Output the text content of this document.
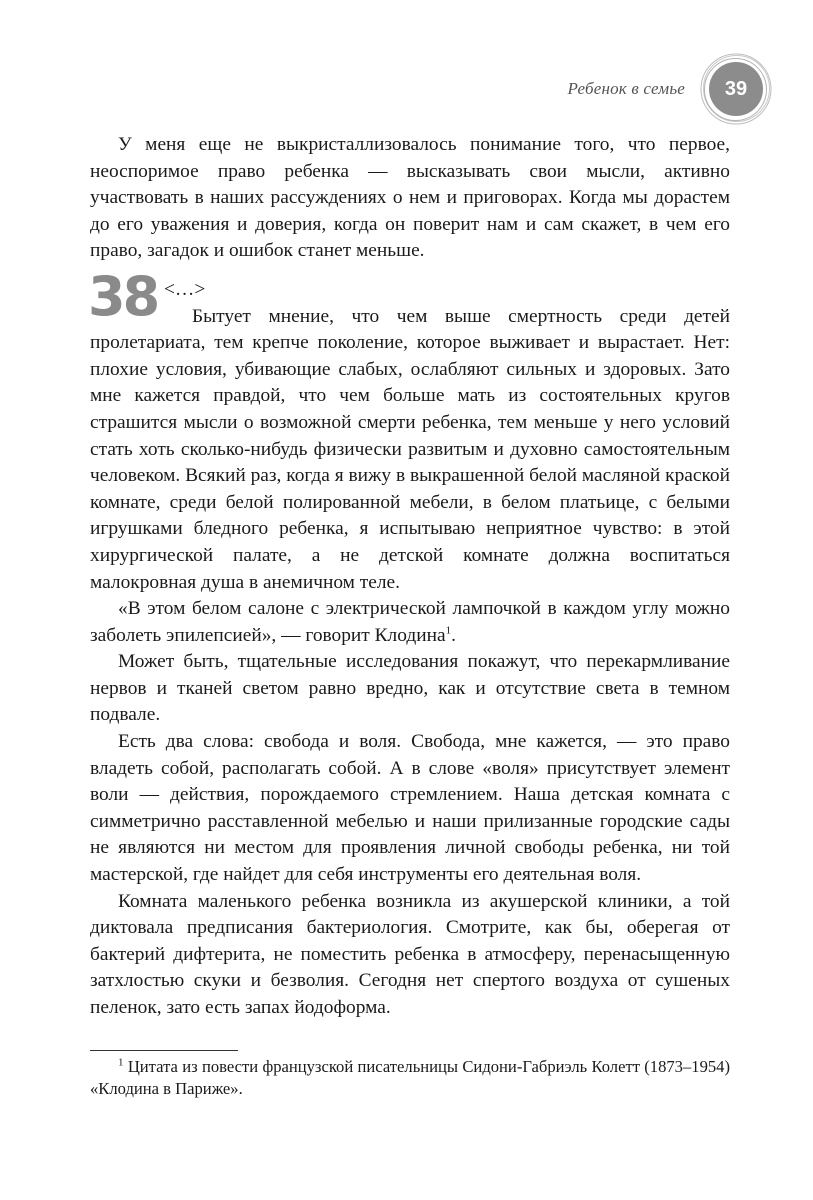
Ребенок в семье	39

У меня еще не выкристаллизовалось понимание того, что первое, неоспоримое право ребенка — высказывать свои мысли, активно участвовать в наших рассуждениях о нем и приговорах. Когда мы дорастем до его уважения и доверия, когда он поверит нам и сам скажет, в чем его право, загадок и ошибок станет меньше.

38 <…>

Бытует мнение, что чем выше смертность среди детей пролетариата, тем крепче поколение, которое выживает и вырастает. Нет: плохие условия, убивающие слабых, ослабляют сильных и здоровых. Зато мне кажется правдой, что чем больше мать из состоятельных кругов страшится мысли о возможной смерти ребенка, тем меньше у него условий стать хоть сколько-нибудь физически развитым и духовно самостоятельным человеком. Всякий раз, когда я вижу в выкрашенной белой масляной краской комнате, среди белой полированной мебели, в белом платьице, с белыми игрушками бледного ребенка, я испытываю неприятное чувство: в этой хирургической палате, а не детской комнате должна воспитаться малокровная душа в анемичном теле.

«В этом белом салоне с электрической лампочкой в каждом углу можно заболеть эпилепсией», — говорит Клодина$^1$.

Может быть, тщательные исследования покажут, что перекармливание нервов и тканей светом равно вредно, как и отсутствие света в темном подвале.

Есть два слова: свобода и воля. Свобода, мне кажется, — это право владеть собой, располагать собой. А в слове «воля» присутствует элемент воли — действия, порождаемого стремлением. Наша детская комната с симметрично расставленной мебелью и наши прилизанные городские сады не являются ни местом для проявления личной свободы ребенка, ни той мастерской, где найдет для себя инструменты его деятельная воля.

Комната маленького ребенка возникла из акушерской клиники, а той диктовала предписания бактериология. Смотрите, как бы, оберегая от бактерий дифтерита, не поместить ребенка в атмосферу, перенасыщенную затхлостью скуки и безволия. Сегодня нет спертого воздуха от сушеных пеленок, зато есть запах йодоформа.

$^1$ Цитата из повести французской писательницы Сидони-Габриэль Колетт (1873–1954) «Клодина в Париже».
